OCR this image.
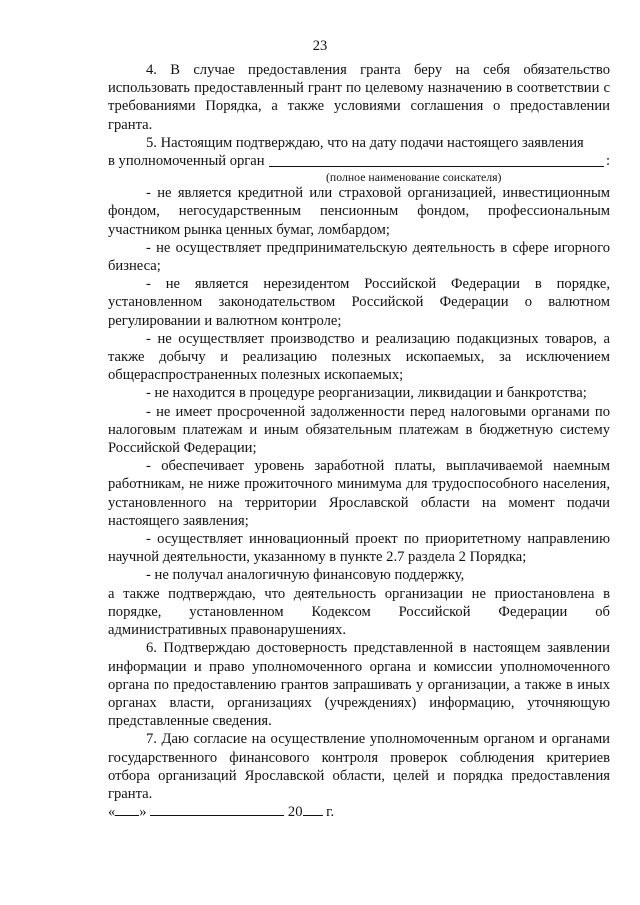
23

4. В случае предоставления гранта беру на себя обязательство использовать предоставленный грант по целевому назначению в соответствии с требованиями Порядка, а также условиями соглашения о предоставлении гранта.

5. Настоящим подтверждаю, что на дату подачи настоящего заявления

в уполномоченный орган	:

(полное наименование соискателя)

- не является кредитной или страховой организацией, инвестиционным фондом, негосударственным пенсионным фондом, профессиональным участником рынка ценных бумаг, ломбардом;

- не осуществляет предпринимательскую деятельность в сфере игорного бизнеса;

- не является нерезидентом Российской Федерации в порядке, установленном законодательством Российской Федерации о валютном регулировании и валютном контроле;

- не осуществляет производство и реализацию подакцизных товаров, а также добычу и реализацию полезных ископаемых, за исключением общераспространенных полезных ископаемых;

- не находится в процедуре реорганизации, ликвидации и банкротства;

- не имеет просроченной задолженности перед налоговыми органами по налоговым платежам и иным обязательным платежам в бюджетную систему Российской Федерации;

- обеспечивает уровень заработной платы, выплачиваемой наемным работникам, не ниже прожиточного минимума для трудоспособного населения, установленного на территории Ярославской области на момент подачи настоящего заявления;

- осуществляет инновационный проект по приоритетному направлению научной деятельности, указанному в пункте 2.7 раздела 2 Порядка;

- не получал аналогичную финансовую поддержку,

а также подтверждаю, что деятельность организации не приостановлена в порядке, установленном Кодексом Российской Федерации об административных правонарушениях.

6. Подтверждаю достоверность представленной в настоящем заявлении информации и право уполномоченного органа и комиссии уполномоченного органа по предоставлению грантов запрашивать у организации, а также в иных органах власти, организациях (учреждениях) информацию, уточняющую представленные сведения.

7. Даю согласие на осуществление уполномоченным органом и органами государственного финансового контроля проверок соблюдения критериев отбора организаций Ярославской области, целей и порядка предоставления гранта.

« »	20 г.
